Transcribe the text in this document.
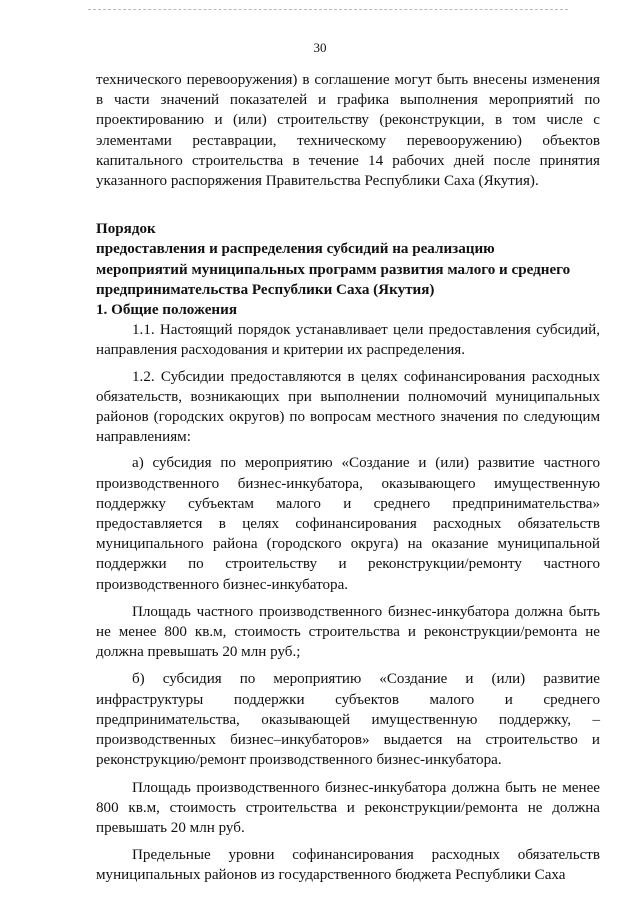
30

технического перевооружения) в соглашение могут быть внесены изменения в части значений показателей и графика выполнения мероприятий по проектированию и (или) строительству (реконструкции, в том числе с элементами реставрации, техническому перевооружению) объектов капитального строительства в течение 14 рабочих дней после принятия указанного распоряжения Правительства Республики Саха (Якутия).

Порядок

предоставления и распределения субсидий на реализацию

мероприятий муниципальных программ развития малого и среднего

предпринимательства Республики Саха (Якутия)

1. Общие положения

1.1. Настоящий порядок устанавливает цели предоставления субсидий, направления расходования и критерии их распределения.

1.2. Субсидии предоставляются в целях софинансирования расходных обязательств, возникающих при выполнении полномочий муниципальных районов (городских округов) по вопросам местного значения по следующим направлениям:

а) субсидия по мероприятию «Создание и (или) развитие частного производственного бизнес-инкубатора, оказывающего имущественную поддержку субъектам малого и среднего предпринимательства» предоставляется в целях софинансирования расходных обязательств муниципального района (городского округа) на оказание муниципальной поддержки по строительству и реконструкции/ремонту частного производственного бизнес-инкубатора.

Площадь частного производственного бизнес-инкубатора должна быть не менее 800 кв.м, стоимость строительства и реконструкции/ремонта не должна превышать 20 млн руб.;

б) субсидия по мероприятию «Создание и (или) развитие инфраструктуры поддержки субъектов малого и среднего предпринимательства, оказывающей имущественную поддержку, – производственных бизнес–инкубаторов» выдается на строительство и реконструкцию/ремонт производственного бизнес-инкубатора.

Площадь производственного бизнес-инкубатора должна быть не менее 800 кв.м, стоимость строительства и реконструкции/ремонта не должна превышать 20 млн руб.

Предельные уровни софинансирования расходных обязательств муниципальных районов из государственного бюджета Республики Саха
